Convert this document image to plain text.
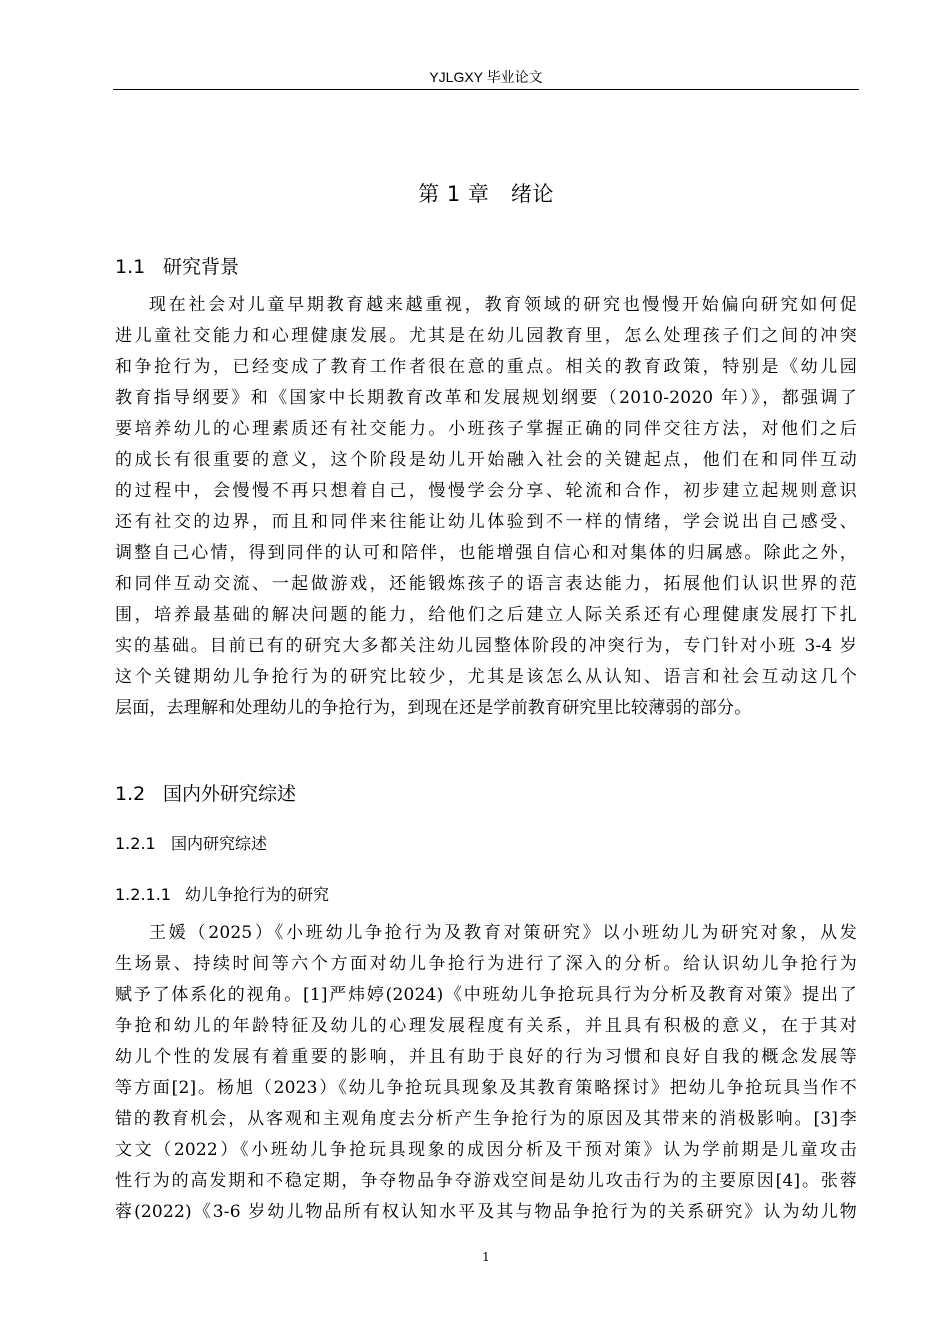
YJLGXY 毕业论文
第 1 章　绪论
1.1 研究背景
现在社会对儿童早期教育越来越重视，教育领域的研究也慢慢开始偏向研究如何促
进儿童社交能力和心理健康发展。尤其是在幼儿园教育里，怎么处理孩子们之间的冲突
和争抢行为，已经变成了教育工作者很在意的重点。相关的教育政策，特别是《幼儿园
教育指导纲要》和《国家中长期教育改革和发展规划纲要（2010-2020 年）》，都强调了
要培养幼儿的心理素质还有社交能力。小班孩子掌握正确的同伴交往方法，对他们之后
的成长有很重要的意义，这个阶段是幼儿开始融入社会的关键起点，他们在和同伴互动
的过程中，会慢慢不再只想着自己，慢慢学会分享、轮流和合作，初步建立起规则意识
还有社交的边界，而且和同伴来往能让幼儿体验到不一样的情绪，学会说出自己感受、
调整自己心情，得到同伴的认可和陪伴，也能增强自信心和对集体的归属感。除此之外，
和同伴互动交流、一起做游戏，还能锻炼孩子的语言表达能力，拓展他们认识世界的范
围，培养最基础的解决问题的能力，给他们之后建立人际关系还有心理健康发展打下扎
实的基础。目前已有的研究大多都关注幼儿园整体阶段的冲突行为，专门针对小班 3-4 岁
这个关键期幼儿争抢行为的研究比较少，尤其是该怎么从认知、语言和社会互动这几个
层面，去理解和处理幼儿的争抢行为，到现在还是学前教育研究里比较薄弱的部分。
1.2 国内外研究综述
1.2.1 国内研究综述
1.2.1.1 幼儿争抢行为的研究
王媛（2025）《小班幼儿争抢行为及教育对策研究》以小班幼儿为研究对象，从发
生场景、持续时间等六个方面对幼儿争抢行为进行了深入的分析。给认识幼儿争抢行为
赋予了体系化的视角。[1]严炜婷(2024)《中班幼儿争抢玩具行为分析及教育对策》提出了
争抢和幼儿的年龄特征及幼儿的心理发展程度有关系，并且具有积极的意义，在于其对
幼儿个性的发展有着重要的影响，并且有助于良好的行为习惯和良好自我的概念发展等
等方面[2]。杨旭（2023）《幼儿争抢玩具现象及其教育策略探讨》把幼儿争抢玩具当作不
错的教育机会，从客观和主观角度去分析产生争抢行为的原因及其带来的消极影响。[3]李
文文（2022）《小班幼儿争抢玩具现象的成因分析及干预对策》认为学前期是儿童攻击
性行为的高发期和不稳定期，争夺物品争夺游戏空间是幼儿攻击行为的主要原因[4]。张蓉
蓉(2022)《3-6 岁幼儿物品所有权认知水平及其与物品争抢行为的关系研究》认为幼儿物
1
